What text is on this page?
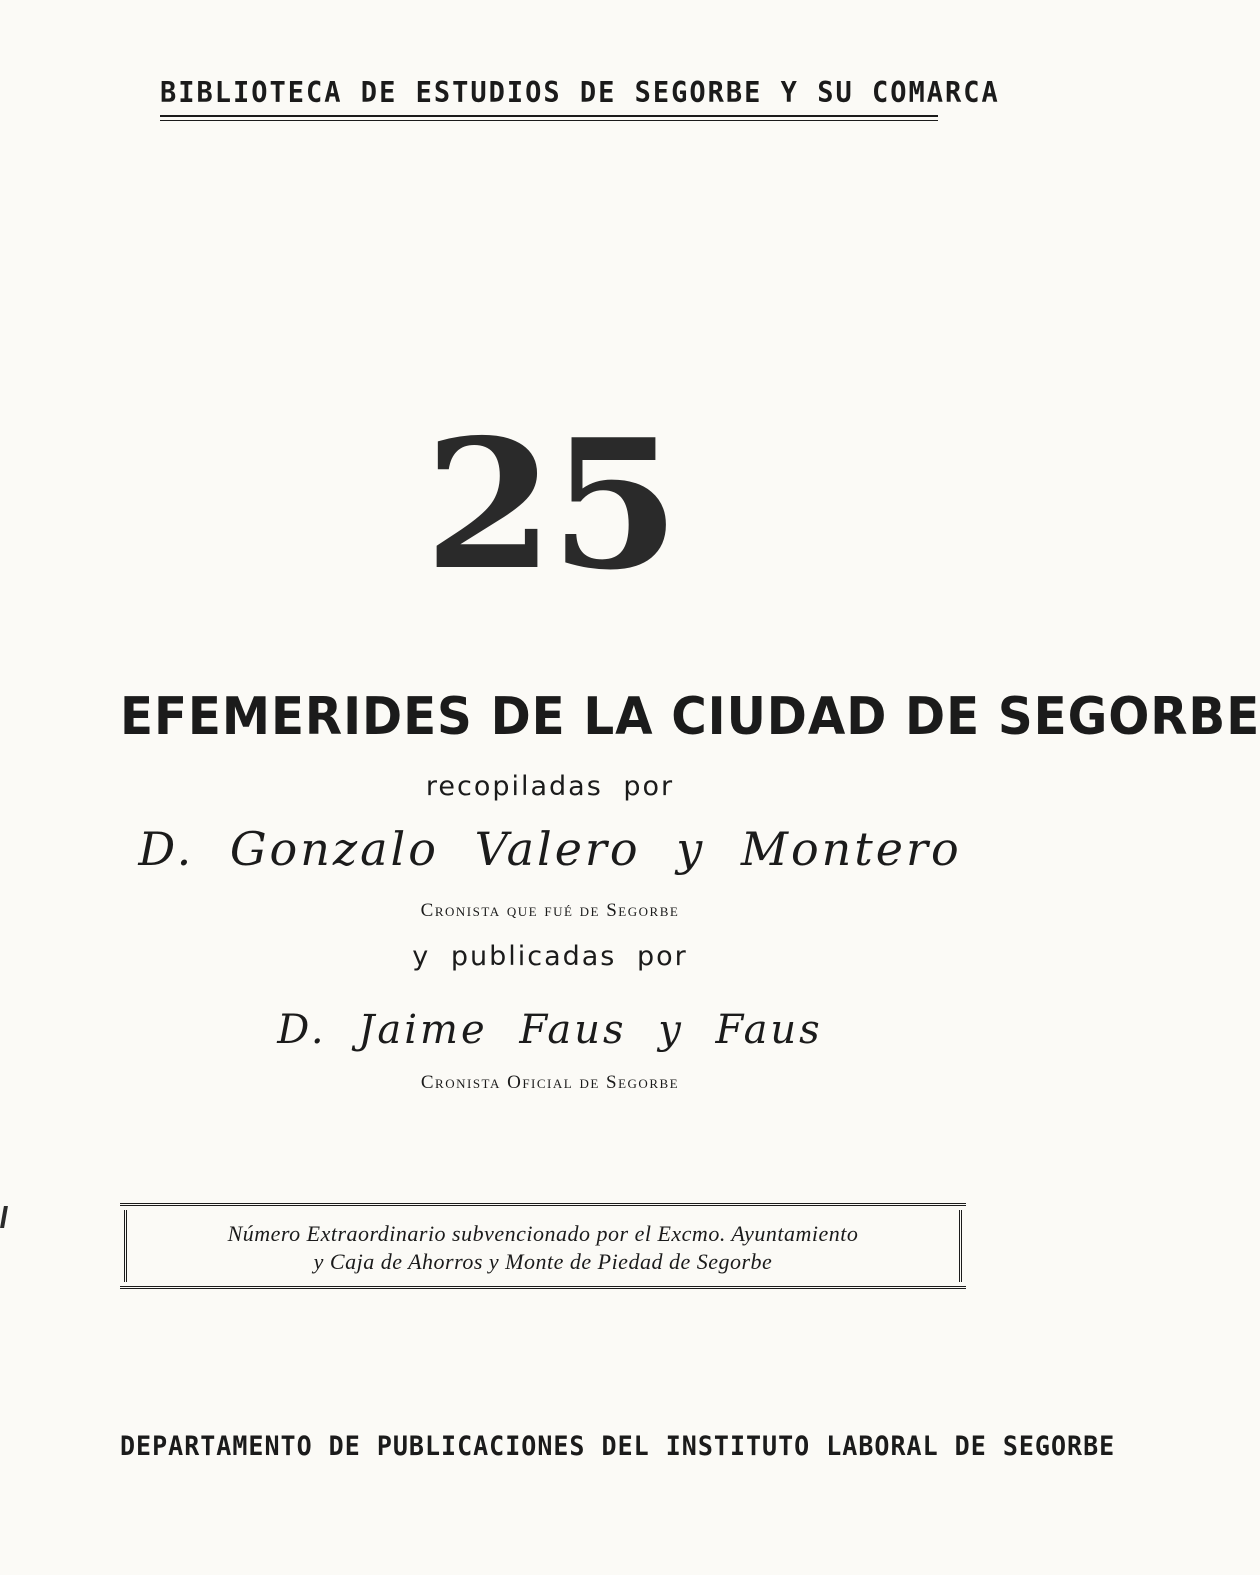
BIBLIOTECA DE ESTUDIOS DE SEGORBE Y SU COMARCA
25
EFEMERIDES DE LA CIUDAD DE SEGORBE
recopiladas por
D. Gonzalo Valero y Montero
Cronista que fué de Segorbe
y publicadas por
D. Jaime Faus y Faus
Cronista Oficial de Segorbe
Número Extraordinario subvencionado por el Excmo. Ayuntamiento
y Caja de Ahorros y Monte de Piedad de Segorbe
DEPARTAMENTO DE PUBLICACIONES DEL INSTITUTO LABORAL DE SEGORBE
